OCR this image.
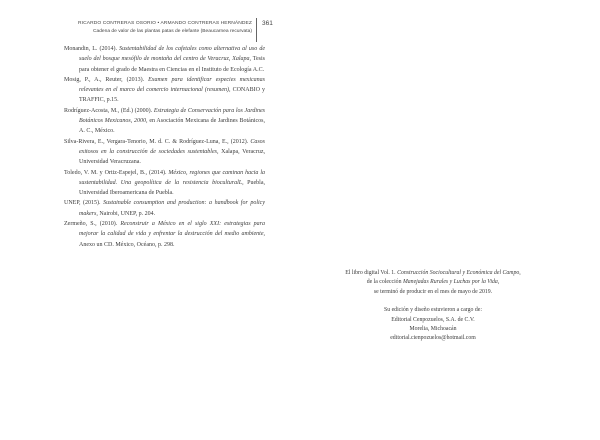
RICARDO CONTRERAS OSORIO • ARMANDO CONTRERAS HERNÁNDEZ
Cadena de valor de las plantas patas de elefante (Beaucarnea recurvata)
361

Monandin, L. (2014). Sustentabilidad de los cafetales como alternativa al uso de suelo del bosque mesófilo de montaña del centro de Veracruz, Xalapa, Tesis para obtener el grado de Maestra en Ciencias en el Instituto de Ecología A.C.

Mosig, P., A., Reuter, (2013). Examen para identificar especies mexicanas relevantes en el marco del comercio internacional (resumen), CONABIO y TRAFFIC, p.15.

Rodríguez-Acosta, M., (Ed.) (2000). Estrategia de Conservación para los Jardines Botánicos Mexicanos, 2000, en Asociación Mexicana de Jardines Botánicos, A. C., México.

Silva-Rivera, E., Vergara-Tenorio, M. d. C. & Rodríguez-Luna, E., (2012). Casos exitosos en la construcción de sociedades sustentables, Xalapa, Veracruz, Universidad Veracruzana.

Toledo, V. M. y Ortiz-Espejel, B., (2014). México, regiones que caminan hacia la sustentabilidad. Una geopolítica de la resistencia bioculturalL, Puebla, Universidad Iberoamericana de Puebla.

UNEP, (2015). Sustainable consumption and production: a handbook for policy makers, Nairobi, UNEP, p. 204.

Zermeño, S., (2010). Reconstruir a México en el siglo XXI: estrategias para mejorar la calidad de vida y enfrentar la destrucción del medio ambiente, Anexo un CD. México, Océano, p. 298.

El libro digital Vol. 1. Construcción Sociocultural y Económica del Campo,
de la colección Manejadas Rurales y Luchas por la Vida,
se terminó de producir en el mes de mayo de 2019.
Su edición y diseño estuvieron a cargo de:
Editorial Cenpozuelos, S.A. de C.V.
Morelia, Michoacán
editorial.cienpozuelos@hotmail.com
